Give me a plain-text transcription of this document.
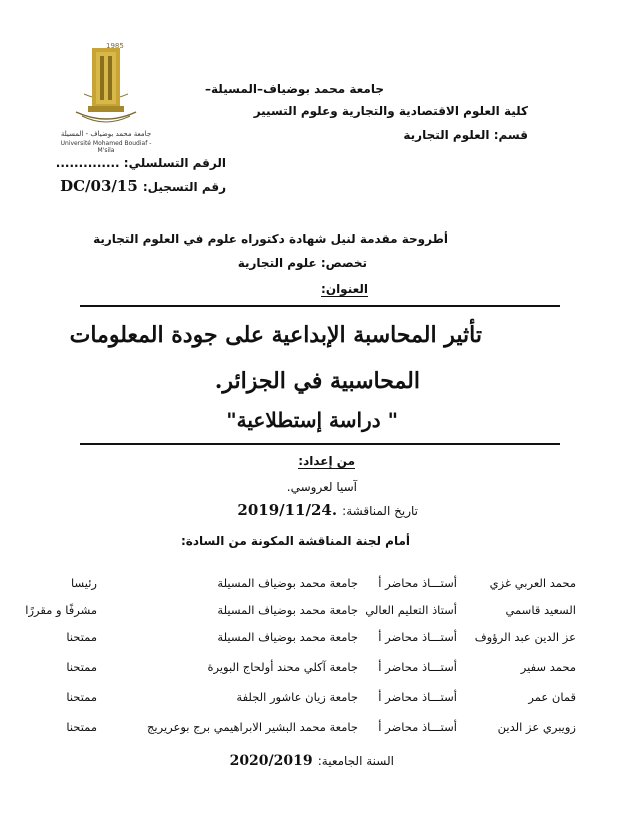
1985
جامعة محمد بوضياف - المسيلة
Université Mohamed Boudiaf - M'sila
جامعة محمد بوضياف–المسيلة–
كلية العلوم الاقتصادية والتجارية وعلوم التسيير
قسم: العلوم التجارية
الرقم التسلسلي: ..............
رقم التسجيل: DC/03/15
أطروحة مقدمة لنيل شهادة دكتوراه علوم في العلوم التجارية
تخصص: علوم التجارية
العنوان:
تأثير المحاسبة الإبداعية على جودة المعلومات
المحاسبية في الجزائر.
" دراسة إستطلاعية"
من إعداد:
آسيا لعروسي.
تاريخ المناقشة: 2019/11/24.
أمام لجنة المناقشة المكونة من السادة:
محمد العربي غزي
أستـــاذ محاضر أ
جامعة محمد بوضياف المسيلة
رئيسا
السعيد قاسمي
أستاذ التعليم العالي
جامعة محمد بوضياف المسيلة
مشرفًا و مقررًا
عز الدين عبد الرؤوف
أستـــاذ محاضر أ
جامعة محمد بوضياف المسيلة
ممتحنا
محمد سفير
أستـــاذ محاضر أ
جامعة آكلي محند أولحاج البويرة
ممتحنا
قمان عمر
أستـــاذ محاضر أ
جامعة زيان عاشور الجلفة
ممتحنا
زويبري عز الدين
أستـــاذ محاضر أ
جامعة محمد البشير الابراهيمي برج بوعريريج
ممتحنا
السنة الجامعية: 2020/2019
